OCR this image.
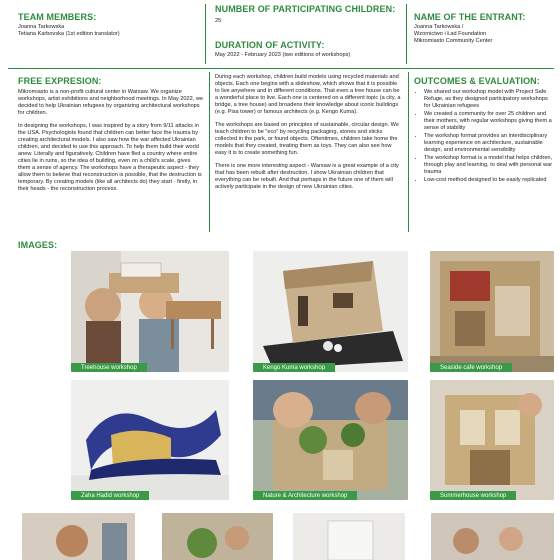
TEAM MEMBERS:
Joanna Tarkowska
Tetiana Karbovska (1st edition translator)
NUMBER OF PARTICIPATING CHILDREN:
25
DURATION OF ACTIVITY:
May 2022 - February 2023 (two editions of workshops)
NAME OF THE ENTRANT:
Joanna Tarkowska /
Wzornictwo i Ład Foundation
Mikromiasto Community Center
FREE EXPRESION:

Mikromiasto is a non-profit cultural center in Warsaw. We organize workshops, artist exhibitions and neighborhood meetings. In May 2022, we decided to help Ukrainian refugees by organizing architectural workshops for children.

In designing the workshops, I was inspired by a story from 9/11 attacks in the USA. Psychologists found that children can better face the trauma by creating architectural models. I also saw how the war affected Ukrainian children, and decided to use this approach. To help them build their world anew. Literally and figuratively. Children have fled a country where entire cities lie in ruins, so the idea of building, even on a child's scale, gives them a sense of agency. The workshops have a therapeutic aspect - they allow them to believe that reconstruction is possible, that the destruction is temporary. By creating models (like all architects do) they start - firstly, in their heads - the reconstruction process.

During each workshop, children build models using recycled materials and objects. Each one begins with a slideshow, which shows that it is possible to live anywhere and in different conditions. That even a tree house can be a wonderful place to live. Each one is centered on a different topic (a city, a bridge, a tree house) and broadens their knowledge about iconic buildings (e.g. Pisa tower) or famous architects (e.g. Kengo Kuma).

The workshops are based on principles of sustainable, circular design. We teach children to be "eco" by recycling packaging, stones and sticks collected in the park, or found objects. Oftentimes, children take home the models that they created, treating them as toys. They can also see how easy it is to create something fun.

There is one more interesting aspect - Warsaw is a great example of a city that has been rebuilt after destruction. I show Ukrainian children that everything can be rebuilt. And that perhaps in the future one of them will actively participate in the design of new Ukrainian cities.

OUTCOMES & EVALUATION:
• We shared our workshop model with Project Safe Refuge, as they designed participatory workshops for Ukrainian refugees
• We created a community for over 25 children and their mothers, with regular workshops giving them a sense of stability
• The workshop format provides an interdisciplinary learning experience on architecture, sustainable design, and environmental sensibility
• The workshop format is a model that helps children, through play and learning, to deal with personal war trauma
• Low-cost method designed to be easily replicated
IMAGES:
Treehouse workshop	Kengo Kuma workshop	Seaside cafe workshop
Zaha Hadid workshop	Nature & Architecture workshop	Summerhouse workshop
